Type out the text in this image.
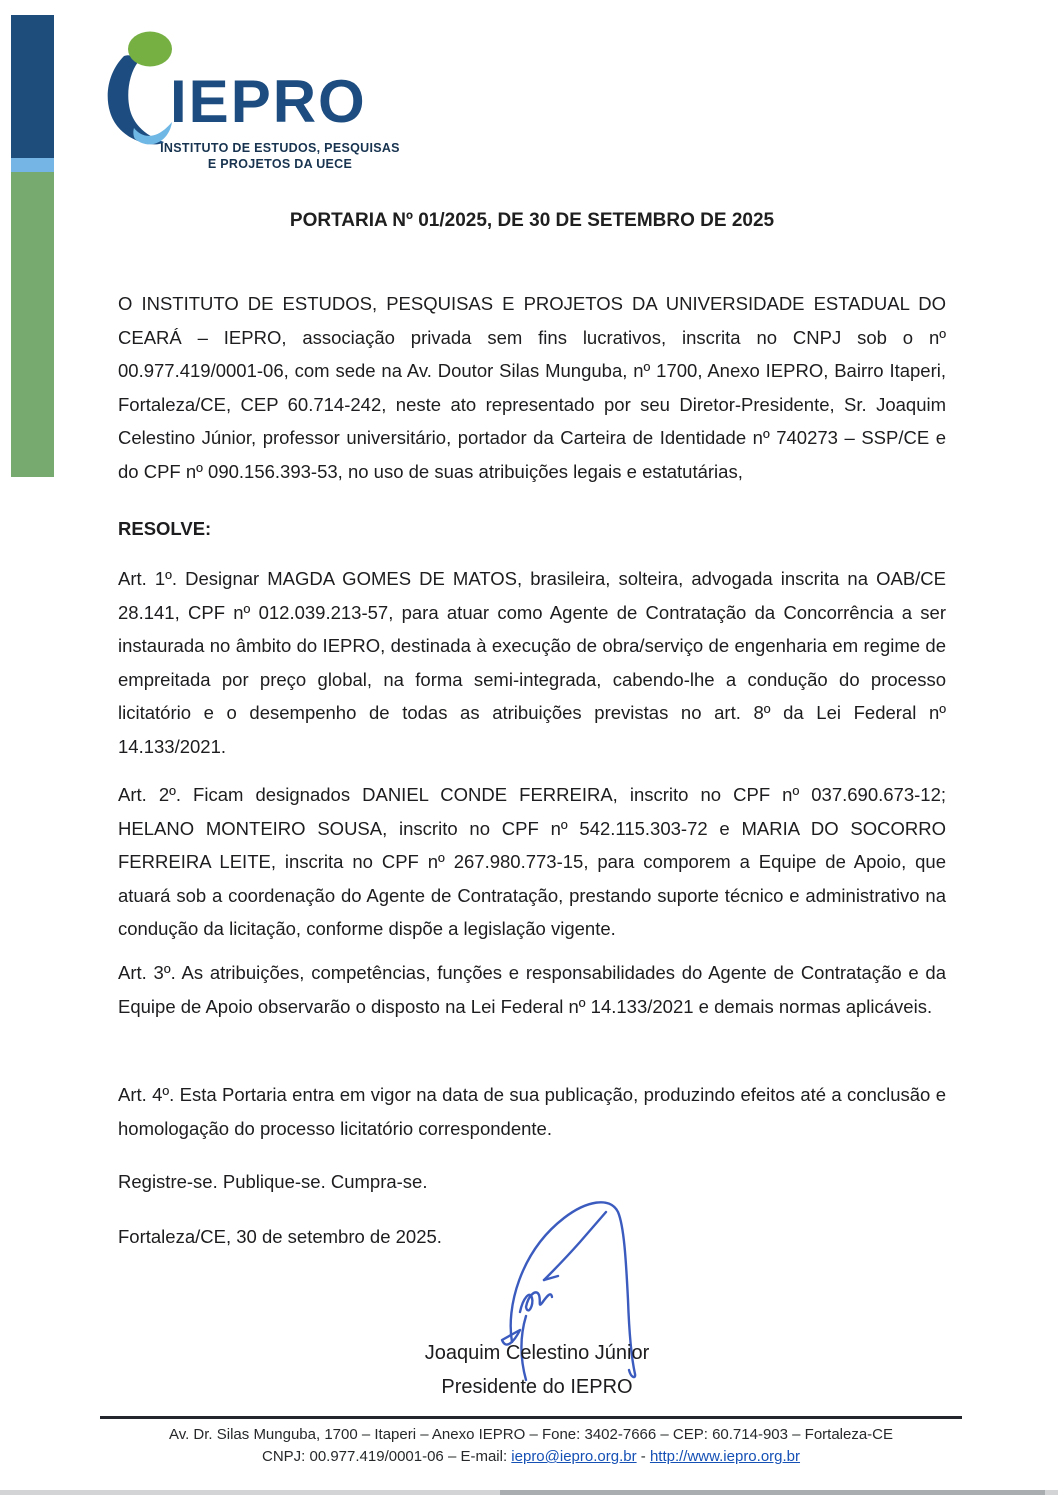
IEPRO
INSTITUTO DE ESTUDOS, PESQUISAS
E PROJETOS DA UECE
PORTARIA Nº 01/2025, DE 30 DE SETEMBRO DE 2025

O INSTITUTO DE ESTUDOS, PESQUISAS E PROJETOS DA UNIVERSIDADE ESTADUAL DO CEARÁ – IEPRO, associação privada sem fins lucrativos, inscrita no CNPJ sob o nº 00.977.419/0001-06, com sede na Av. Doutor Silas Munguba, nº 1700, Anexo IEPRO, Bairro Itaperi, Fortaleza/CE, CEP 60.714-242, neste ato representado por seu Diretor-Presidente, Sr. Joaquim Celestino Júnior, professor universitário, portador da Carteira de Identidade nº 740273 – SSP/CE e do CPF nº 090.156.393-53, no uso de suas atribuições legais e estatutárias,

RESOLVE:

Art. 1º. Designar MAGDA GOMES DE MATOS, brasileira, solteira, advogada inscrita na OAB/CE 28.141, CPF nº 012.039.213-57, para atuar como Agente de Contratação da Concorrência a ser instaurada no âmbito do IEPRO, destinada à execução de obra/serviço de engenharia em regime de empreitada por preço global, na forma semi-integrada, cabendo-lhe a condução do processo licitatório e o desempenho de todas as atribuições previstas no art. 8º da Lei Federal nº 14.133/2021.

Art. 2º. Ficam designados DANIEL CONDE FERREIRA, inscrito no CPF nº 037.690.673-12; HELANO MONTEIRO SOUSA, inscrito no CPF nº 542.115.303-72 e MARIA DO SOCORRO FERREIRA LEITE, inscrita no CPF nº 267.980.773-15, para comporem a Equipe de Apoio, que atuará sob a coordenação do Agente de Contratação, prestando suporte técnico e administrativo na condução da licitação, conforme dispõe a legislação vigente.

Art. 3º. As atribuições, competências, funções e responsabilidades do Agente de Contratação e da Equipe de Apoio observarão o disposto na Lei Federal nº 14.133/2021 e demais normas aplicáveis.

Art. 4º. Esta Portaria entra em vigor na data de sua publicação, produzindo efeitos até a conclusão e homologação do processo licitatório correspondente.

Registre-se. Publique-se. Cumpra-se.

Fortaleza/CE, 30 de setembro de 2025.

Joaquim Celestino Júnior
Presidente do IEPRO
Av. Dr. Silas Munguba, 1700 – Itaperi – Anexo IEPRO – Fone: 3402-7666 – CEP: 60.714-903 – Fortaleza-CE
CNPJ: 00.977.419/0001-06 – E-mail: iepro@iepro.org.br - http://www.iepro.org.br
